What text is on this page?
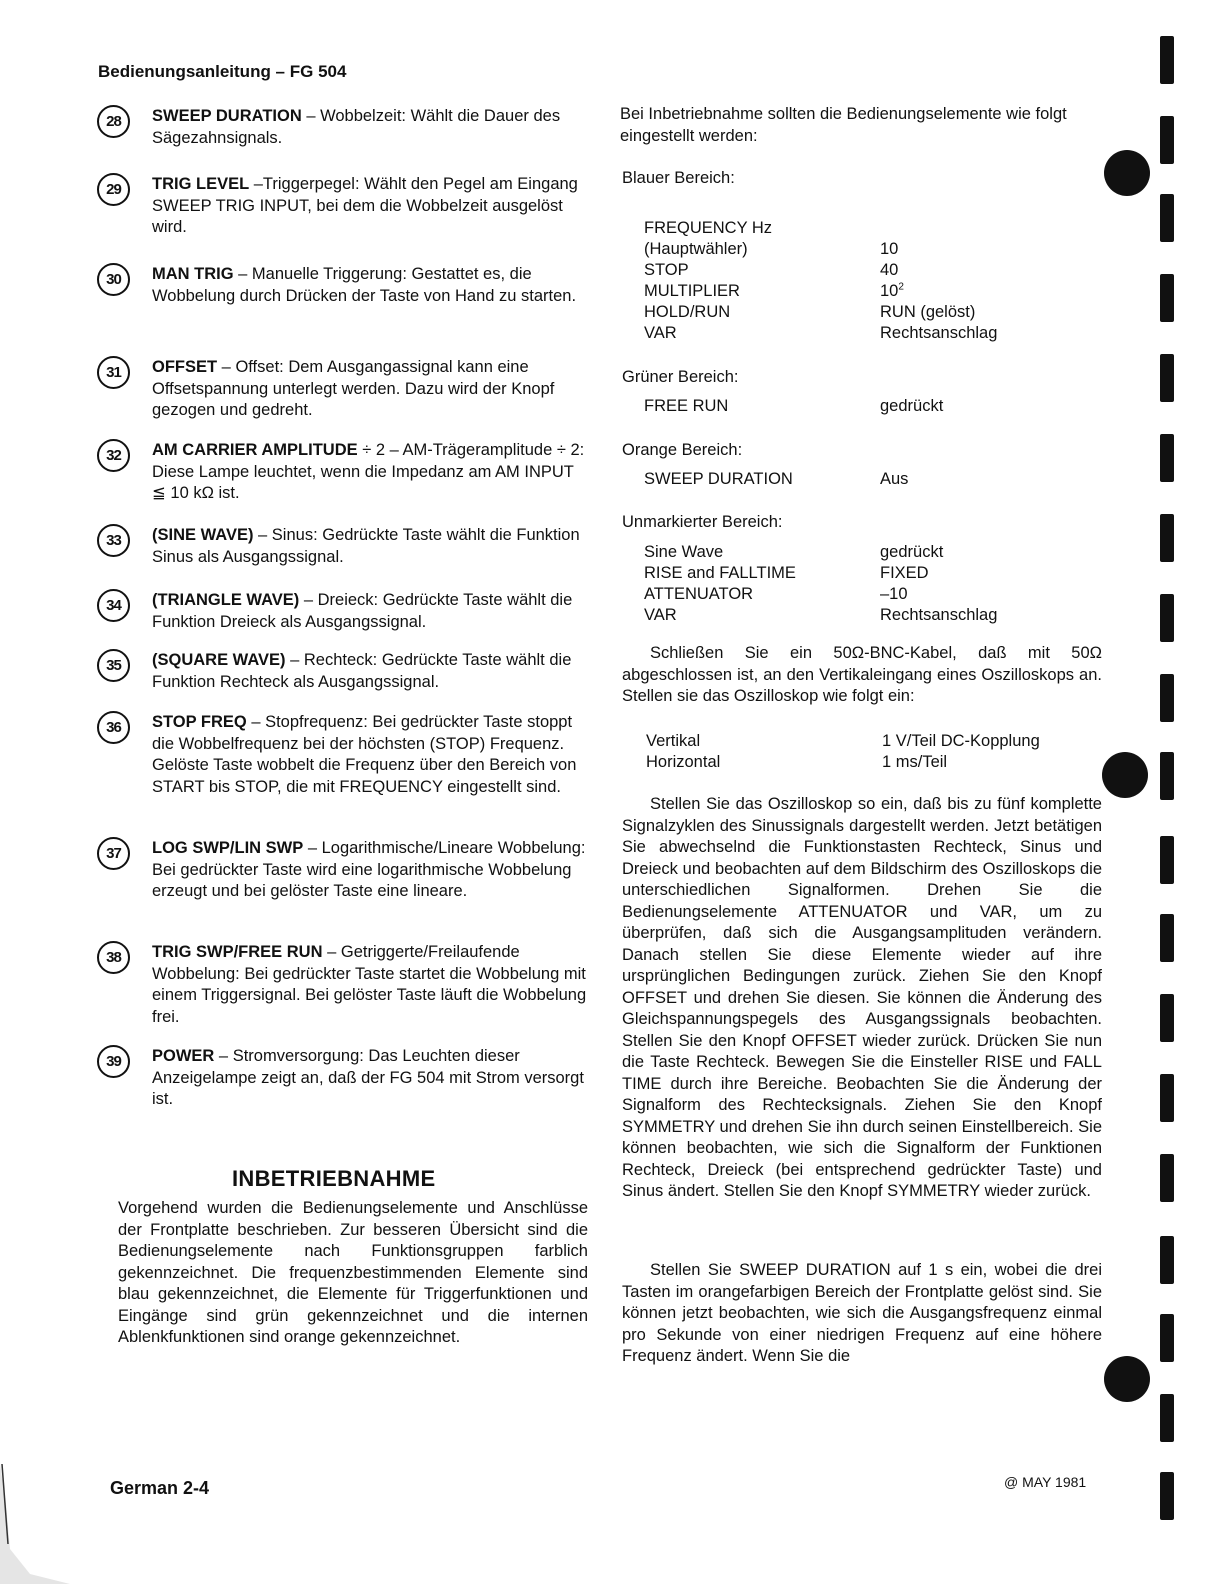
Bedienungsanleitung – FG 504
28	SWEEP DURATION – Wobbelzeit: Wählt die Dauer des Sägezahnsignals.
29	TRIG LEVEL –Triggerpegel: Wählt den Pegel am Eingang SWEEP TRIG INPUT, bei dem die Wobbelzeit ausgelöst wird.
30	MAN TRIG – Manuelle Triggerung: Gestattet es, die Wobbelung durch Drücken der Taste von Hand zu starten.
31	OFFSET – Offset: Dem Ausgangassignal kann eine Offsetspannung unterlegt werden. Dazu wird der Knopf gezogen und gedreht.
32	AM CARRIER AMPLITUDE ÷ 2 – AM-Trägeramplitude ÷ 2: Diese Lampe leuchtet, wenn die Impedanz am AM INPUT ≦ 10 kΩ ist.
33	(SINE WAVE) – Sinus: Gedrückte Taste wählt die Funktion Sinus als Ausgangssignal.
34	(TRIANGLE WAVE) – Dreieck: Gedrückte Taste wählt die Funktion Dreieck als Ausgangssignal.
35	(SQUARE WAVE) – Rechteck: Gedrückte Taste wählt die Funktion Rechteck als Ausgangssignal.
36	STOP FREQ – Stopfrequenz: Bei gedrückter Taste stoppt die Wobbelfrequenz bei der höchsten (STOP) Frequenz. Gelöste Taste wobbelt die Frequenz über den Bereich von START bis STOP, die mit FREQUENCY eingestellt sind.
37	LOG SWP/LIN SWP – Logarithmische/Lineare Wobbelung: Bei gedrückter Taste wird eine logarithmische Wobbelung erzeugt und bei gelöster Taste eine lineare.
38	TRIG SWP/FREE RUN – Getriggerte/Freilaufende Wobbelung: Bei gedrückter Taste startet die Wobbelung mit einem Triggersignal. Bei gelöster Taste läuft die Wobbelung frei.
39	POWER – Stromversorgung: Das Leuchten dieser Anzeigelampe zeigt an, daß der FG 504 mit Strom versorgt ist.
INBETRIEBNAHME
Vorgehend wurden die Bedienungselemente und Anschlüsse der Frontplatte beschrieben. Zur besseren Übersicht sind die Bedienungselemente nach Funktionsgruppen farblich gekennzeichnet. Die frequenzbestimmenden Elemente sind blau gekennzeichnet, die Elemente für Triggerfunktionen und Eingänge sind grün gekennzeichnet und die internen Ablenkfunktionen sind orange gekennzeichnet.
Bei Inbetriebnahme sollten die Bedienungselemente wie folgt eingestellt werden:
Blauer Bereich:
FREQUENCY Hz
(Hauptwähler)	10
STOP	40
MULTIPLIER	$10^2$
HOLD/RUN	RUN (gelöst)
VAR	Rechtsanschlag
Grüner Bereich:
FREE RUN	gedrückt
Orange Bereich:
SWEEP DURATION	Aus
Unmarkierter Bereich:
Sine Wave	gedrückt
RISE and FALLTIME	FIXED
ATTENUATOR	–10
VAR	Rechtsanschlag
Schließen Sie ein 50Ω-BNC-Kabel, daß mit 50Ω abgeschlossen ist, an den Vertikaleingang eines Oszilloskops an. Stellen sie das Oszilloskop wie folgt ein:
Vertikal	1 V/Teil DC-Kopplung
Horizontal	1 ms/Teil
Stellen Sie das Oszilloskop so ein, daß bis zu fünf komplette Signalzyklen des Sinussignals dargestellt werden. Jetzt betätigen Sie abwechselnd die Funktionstasten Rechteck, Sinus und Dreieck und beobachten auf dem Bildschirm des Oszilloskops die unterschiedlichen Signalformen. Drehen Sie die Bedienungselemente ATTENUATOR und VAR, um zu überprüfen, daß sich die Ausgangsamplituden verändern. Danach stellen Sie diese Elemente wieder auf ihre ursprünglichen Bedingungen zurück. Ziehen Sie den Knopf OFFSET und drehen Sie diesen. Sie können die Änderung des Gleichspannungspegels des Ausgangssignals beobachten. Stellen Sie den Knopf OFFSET wieder zurück. Drücken Sie nun die Taste Rechteck. Bewegen Sie die Einsteller RISE und FALL TIME durch ihre Bereiche. Beobachten Sie die Änderung der Signalform des Rechtecksignals. Ziehen Sie den Knopf SYMMETRY und drehen Sie ihn durch seinen Einstellbereich. Sie können beobachten, wie sich die Signalform der Funktionen Rechteck, Dreieck (bei entsprechend gedrückter Taste) und Sinus ändert. Stellen Sie den Knopf SYMMETRY wieder zurück.
Stellen Sie SWEEP DURATION auf 1 s ein, wobei die drei Tasten im orangefarbigen Bereich der Frontplatte gelöst sind. Sie können jetzt beobachten, wie sich die Ausgangsfrequenz einmal pro Sekunde von einer niedrigen Frequenz auf eine höhere Frequenz ändert. Wenn Sie die
German 2-4	@ MAY 1981
